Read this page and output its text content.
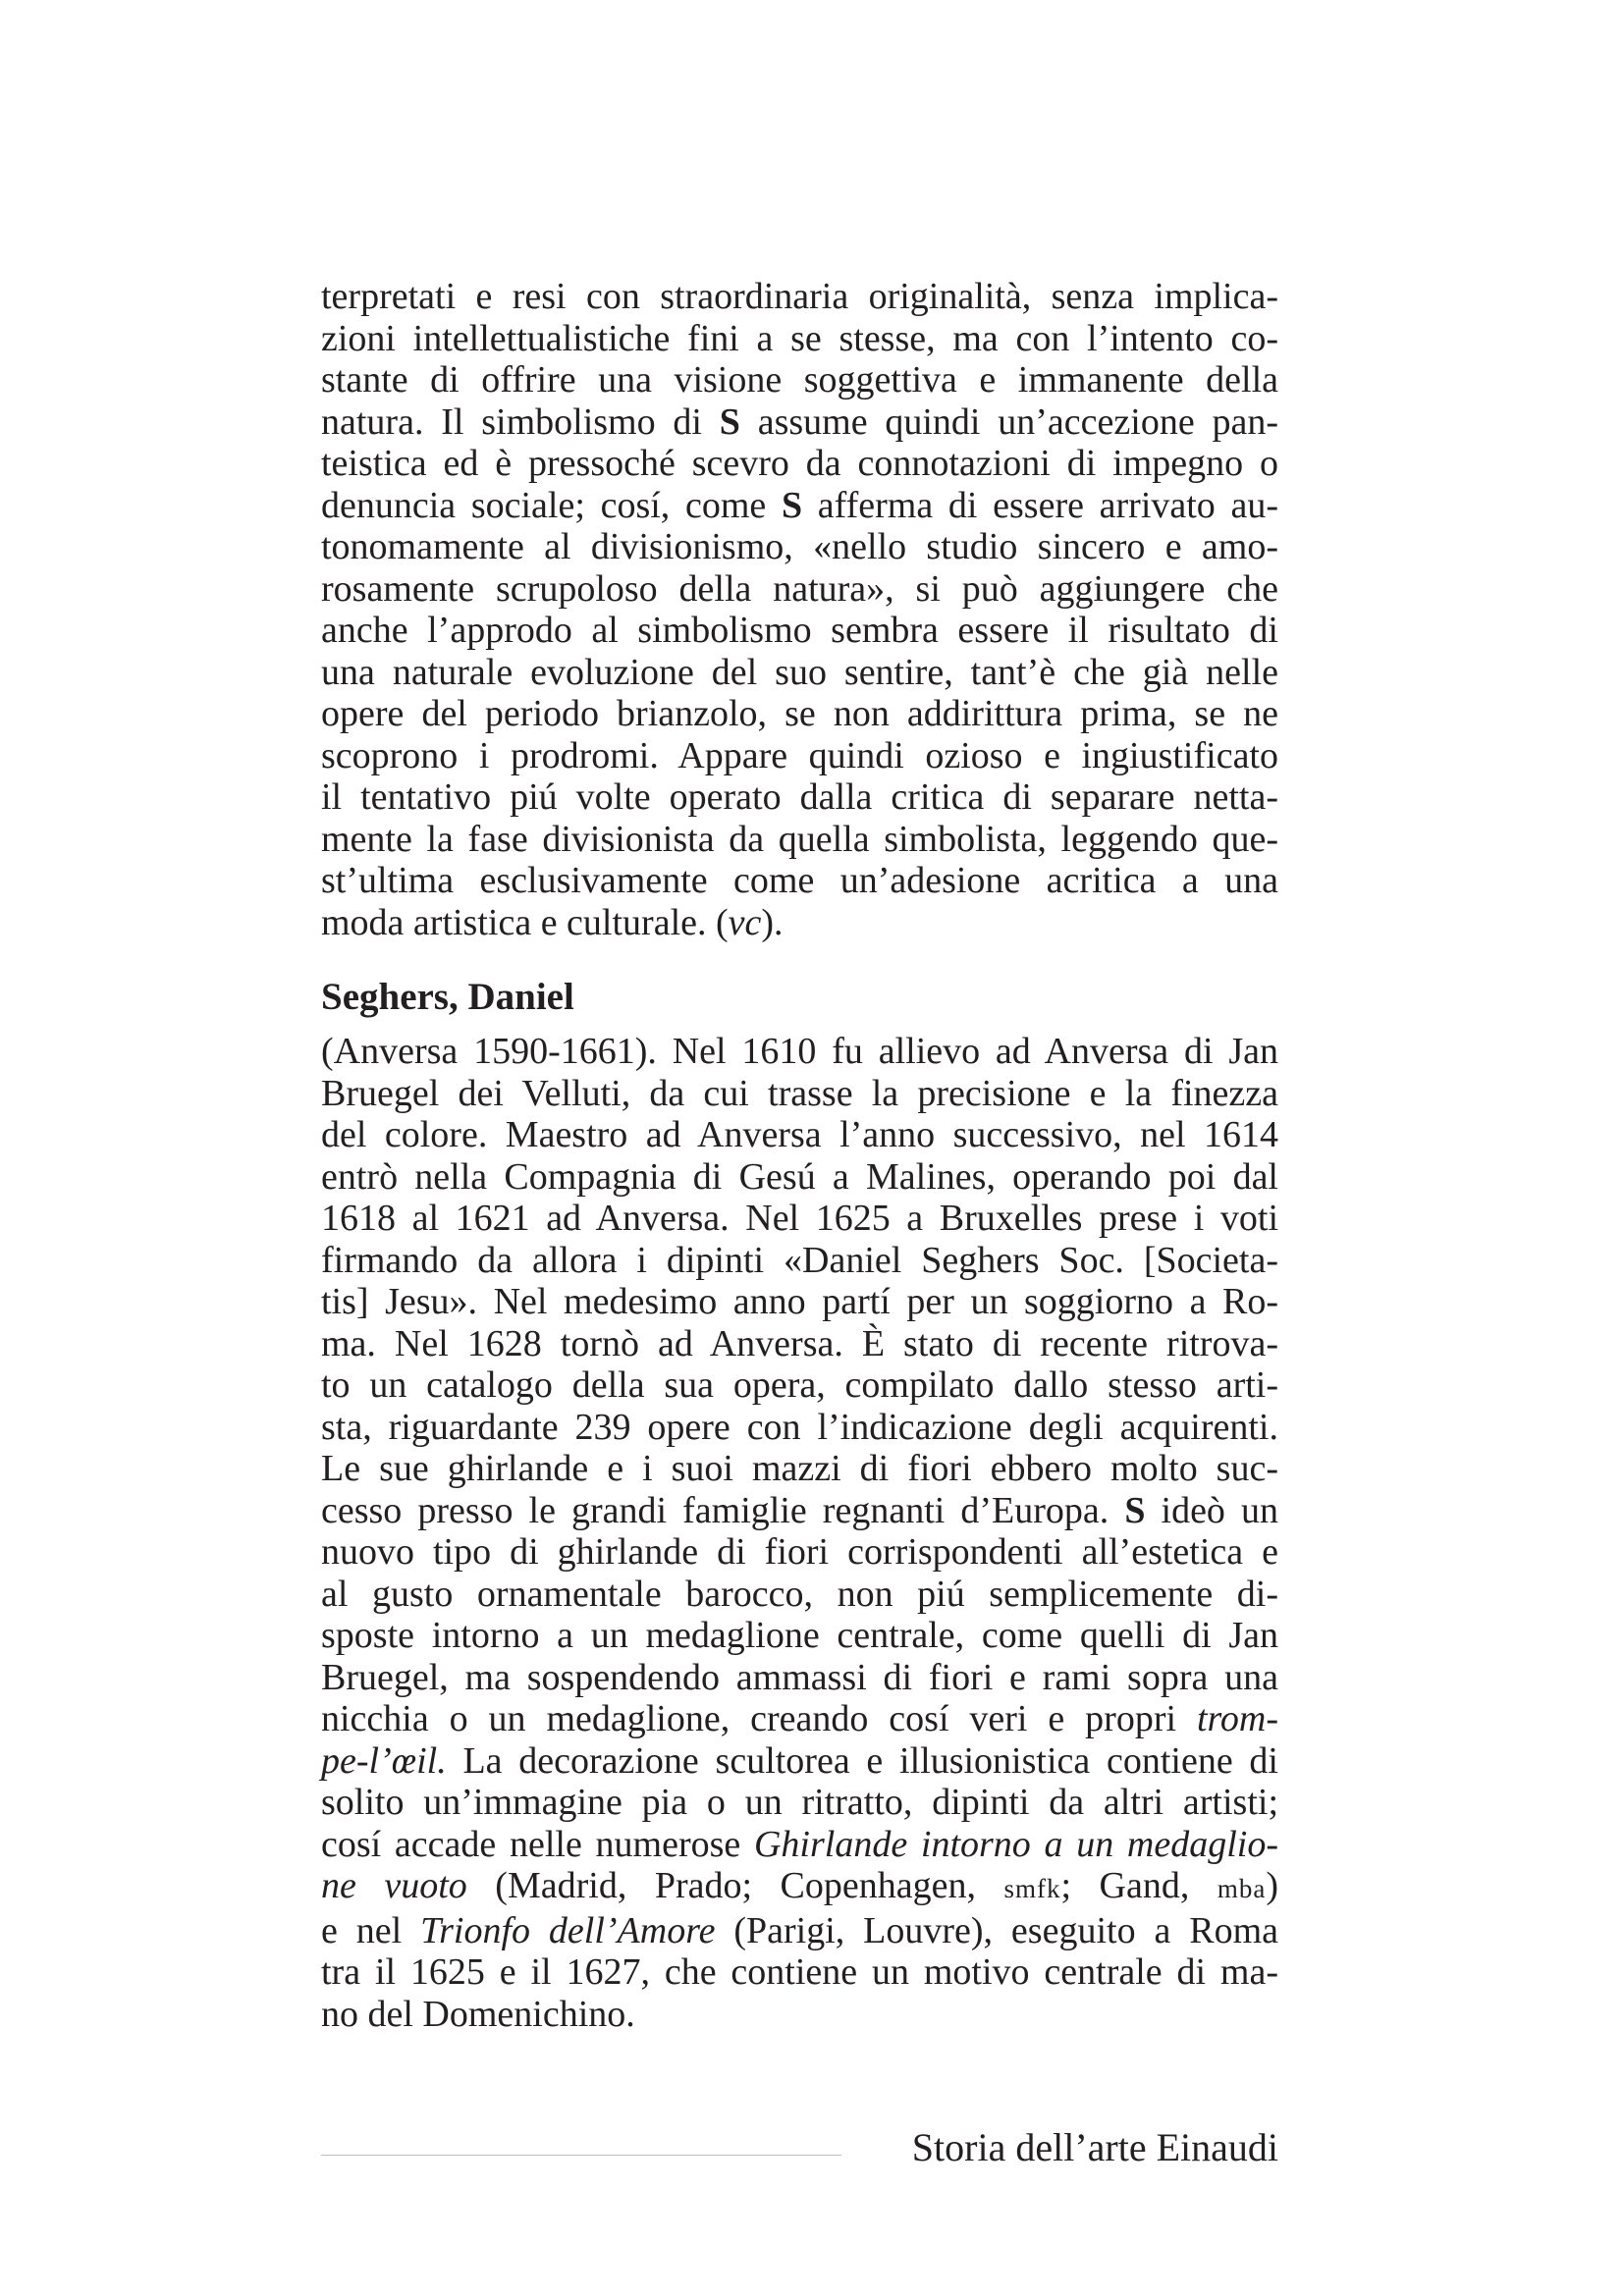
terpretati e resi con straordinaria originalità, senza implica-
zioni intellettualistiche fini a se stesse, ma con l’intento co-
stante di offrire una visione soggettiva e immanente della
natura. Il simbolismo di S assume quindi un’accezione pan-
teistica ed è pressoché scevro da connotazioni di impegno o
denuncia sociale; cosí, come S afferma di essere arrivato au-
tonomamente al divisionismo, «nello studio sincero e amo-
rosamente scrupoloso della natura», si può aggiungere che
anche l’approdo al simbolismo sembra essere il risultato di
una naturale evoluzione del suo sentire, tant’è che già nelle
opere del periodo brianzolo, se non addirittura prima, se ne
scoprono i prodromi. Appare quindi ozioso e ingiustificato
il tentativo piú volte operato dalla critica di separare netta-
mente la fase divisionista da quella simbolista, leggendo que-
st’ultima esclusivamente come un’adesione acritica a una
moda artistica e culturale. (vc).

Seghers, Daniel

(Anversa 1590-1661). Nel 1610 fu allievo ad Anversa di Jan
Bruegel dei Velluti, da cui trasse la precisione e la finezza
del colore. Maestro ad Anversa l’anno successivo, nel 1614
entrò nella Compagnia di Gesú a Malines, operando poi dal
1618 al 1621 ad Anversa. Nel 1625 a Bruxelles prese i voti
firmando da allora i dipinti «Daniel Seghers Soc. [Societa-
tis] Jesu». Nel medesimo anno partí per un soggiorno a Ro-
ma. Nel 1628 tornò ad Anversa. È stato di recente ritrova-
to un catalogo della sua opera, compilato dallo stesso arti-
sta, riguardante 239 opere con l’indicazione degli acquirenti.
Le sue ghirlande e i suoi mazzi di fiori ebbero molto suc-
cesso presso le grandi famiglie regnanti d’Europa. S ideò un
nuovo tipo di ghirlande di fiori corrispondenti all’estetica e
al gusto ornamentale barocco, non piú semplicemente di-
sposte intorno a un medaglione centrale, come quelli di Jan
Bruegel, ma sospendendo ammassi di fiori e rami sopra una
nicchia o un medaglione, creando cosí veri e propri trom-
pe-l’œil. La decorazione scultorea e illusionistica contiene di
solito un’immagine pia o un ritratto, dipinti da altri artisti;
cosí accade nelle numerose Ghirlande intorno a un medaglio-
ne vuoto (Madrid, Prado; Copenhagen, smfk; Gand, mba)
e nel Trionfo dell’Amore (Parigi, Louvre), eseguito a Roma
tra il 1625 e il 1627, che contiene un motivo centrale di ma-
no del Domenichino.

Storia dell’arte Einaudi
